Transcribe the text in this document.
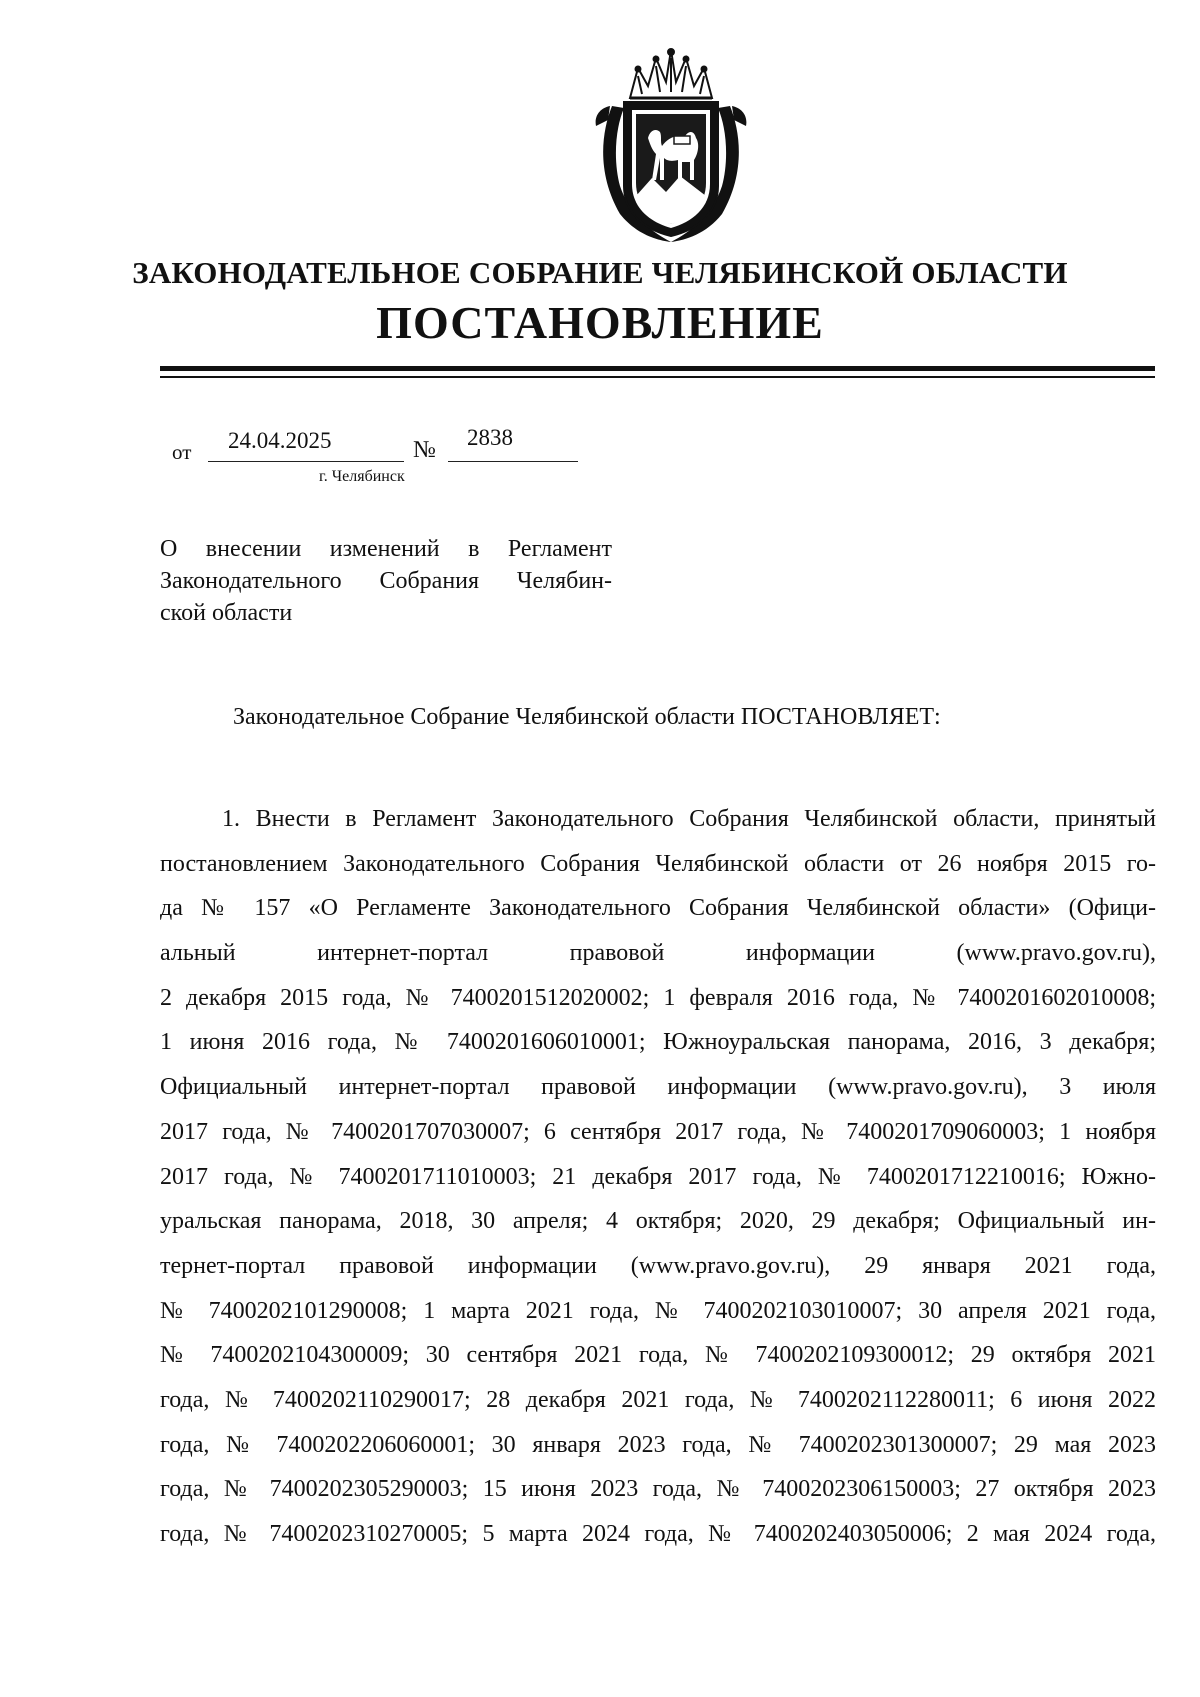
ЗАКОНОДАТЕЛЬНОЕ СОБРАНИЕ ЧЕЛЯБИНСКОЙ ОБЛАСТИ
ПОСТАНОВЛЕНИЕ
от 24.04.2025	№ 2838
г. Челябинск
О внесении изменений в Регламент
Законодательного Собрания Челябин-
ской области
Законодательное Собрание Челябинской области ПОСТАНОВЛЯЕТ:
1. Внести в Регламент Законодательного Собрания Челябинской области, принятый
постановлением Законодательного Собрания Челябинской области от 26 ноября 2015 го-
да № 157 «О Регламенте Законодательного Собрания Челябинской области» (Офици-
альный интернет-портал правовой информации (www.pravo.gov.ru),
2 декабря 2015 года, № 7400201512020002; 1 февраля 2016 года, № 7400201602010008;
1 июня 2016 года, № 7400201606010001; Южноуральская панорама, 2016, 3 декабря;
Официальный интернет-портал правовой информации (www.pravo.gov.ru), 3 июля
2017 года, № 7400201707030007; 6 сентября 2017 года, № 7400201709060003; 1 ноября
2017 года, № 7400201711010003; 21 декабря 2017 года, № 7400201712210016; Южно-
уральская панорама, 2018, 30 апреля; 4 октября; 2020, 29 декабря; Официальный ин-
тернет-портал правовой информации (www.pravo.gov.ru), 29 января 2021 года,
№ 7400202101290008; 1 марта 2021 года, № 7400202103010007; 30 апреля 2021 года,
№ 7400202104300009; 30 сентября 2021 года, № 7400202109300012; 29 октября 2021
года, № 7400202110290017; 28 декабря 2021 года, № 7400202112280011; 6 июня 2022
года, № 7400202206060001; 30 января 2023 года, № 7400202301300007; 29 мая 2023
года, № 7400202305290003; 15 июня 2023 года, № 7400202306150003; 27 октября 2023
года, № 7400202310270005; 5 марта 2024 года, № 7400202403050006; 2 мая 2024 года,
